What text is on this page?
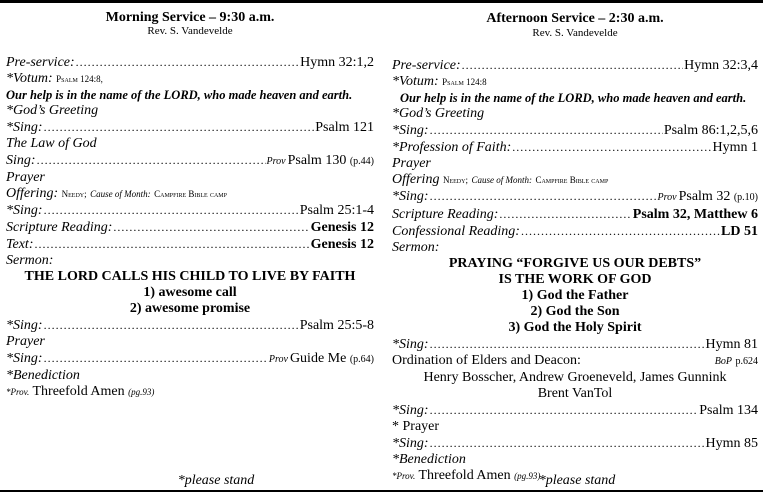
Morning Service – 9:30 a.m.
Rev. S. Vandevelde
Pre-service: .....	Hymn 32:1,2
*Votum: Psalm 124:8,
Our help is in the name of the LORD, who made heaven and earth.
*God’s Greeting
*Sing: .....	Psalm 121
The Law of God
Sing: .....	Prov Psalm 130
(p.44)
Prayer
Offering: Needy; Cause of Month: Campfire Bible camp
*Sing: .....	Psalm 25:1-4
Scripture Reading: .....	Genesis 12
Text: .....	Genesis 12
Sermon:
THE LORD CALLS HIS CHILD TO LIVE BY FAITH
1) awesome call
2) awesome promise
*Sing: .....	Psalm 25:5-8
Prayer
*Sing: .....	Prov Guide Me
(p.64)
*Benediction
*Prov. Threefold Amen (pg.93)
*please stand
Afternoon Service – 2:30 a.m.
Rev. S. Vandevelde
Pre-service: .....	Hymn 32:3,4
*Votum: Psalm 124:8
Our help is in the name of the LORD, who made heaven and earth.
*God’s Greeting
*Sing: .....	Psalm 86:1,2,5,6
*Profession of Faith: .....	Hymn 1
Prayer
Offering Needy; Cause of Month: Campfire Bible camp
*Sing: .....	Prov Psalm 32
(p.10)
Scripture Reading: .....	Psalm 32, Matthew 6
Confessional Reading: .....	LD 51
Sermon:
PRAYING “FORGIVE US OUR DEBTS”
IS THE WORK OF GOD
1) God the Father
2) God the Son
3) God the Holy Spirit
*Sing: .....	Hymn 81
Ordination of Elders and Deacon:	BoP
p.624
Henry Bosscher, Andrew Groeneveld, James Gunnink
Brent VanTol
*Sing: .....	Psalm 134
* Prayer
*Sing: .....	Hymn 85
*Benediction
*Prov. Threefold Amen (pg.93)
*please stand
